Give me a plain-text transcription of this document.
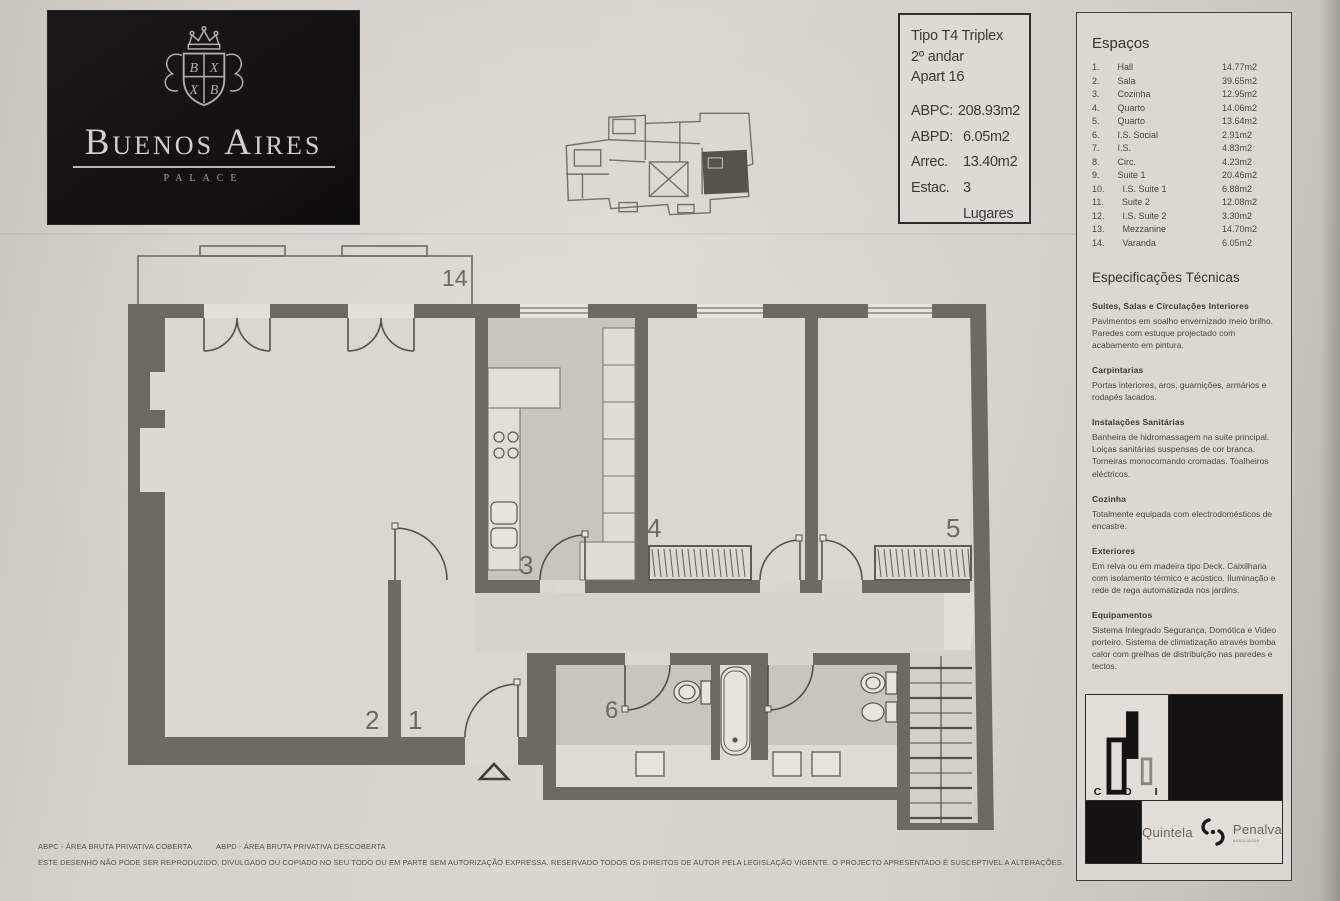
B X
X B
Buenos Aires
PALACE
Tipo T4 Triplex
2º andar
Apart 16
ABPC: 208.93m2
ABPD: 6.05m2
Arrec.	13.40m2
Estac. 3 Lugares
Espaços
1.	Hall	14.77m2
2.	Sala	39.65m2
3.	Cozinha	12.95m2
4.	Quarto	14.06m2
5.	Quarto	13.64m2
6.	I.S. Social	2.91m2
7.	I.S.	4.83m2
8.	Circ.	4.23m2
9.	Suite 1	20.46m2
10.	I.S. Suite 1	6.88m2
11.	Suite 2	12.08m2
12.	I.S. Suite 2	3.30m2
13.	Mezzanine	14.70m2
14.	Varanda	6.05m2
Especificações Técnicas

Suites, Salas e Circulações Interiores

Pavimentos em soalho envernizado meio brilho. Paredes com estuque projectado com acabamento em pintura.

Carpintarias

Portas interiores, aros, guarnições, armários e rodapés lacados.

Instalações Sanitárias

Banheira de hidromassagem na suite principal. Loiças sanitárias suspensas de cor branca. Torneiras monocomando cromadas. Toalheiros eléctricos.

Cozinha

Totalmente equipada com electrodomésticos de encastre.

Exteriores

Em relva ou em madeira tipo Deck. Caixilharia com isolamento térmico e acústico. Iluminação e rede de rega automatizada nos jardins.

Equipamentos

Sistema Integrado Segurança, Domótica e Video porteiro. Sistema de climatização através bomba calor com grelhas de distribuição nas paredes e tectos.

C D I
Quintela	Penalva
associados
14
2 1
3
4	5
6	7
ABPC - ÁREA BRUTA PRIVATIVA COBERTA	ABPD - ÁREA BRUTA PRIVATIVA DESCOBERTA
ESTE DESENHO NÃO PODE SER REPRODUZIDO, DIVULGADO OU COPIADO NO SEU TODO OU EM PARTE SEM AUTORIZAÇÃO EXPRESSA. RESERVADO TODOS OS DIREITOS DE AUTOR PELA LEGISLAÇÃO VIGENTE. O PROJECTO APRESENTADO É SUSCEPTIVEL A ALTERAÇÕES.
